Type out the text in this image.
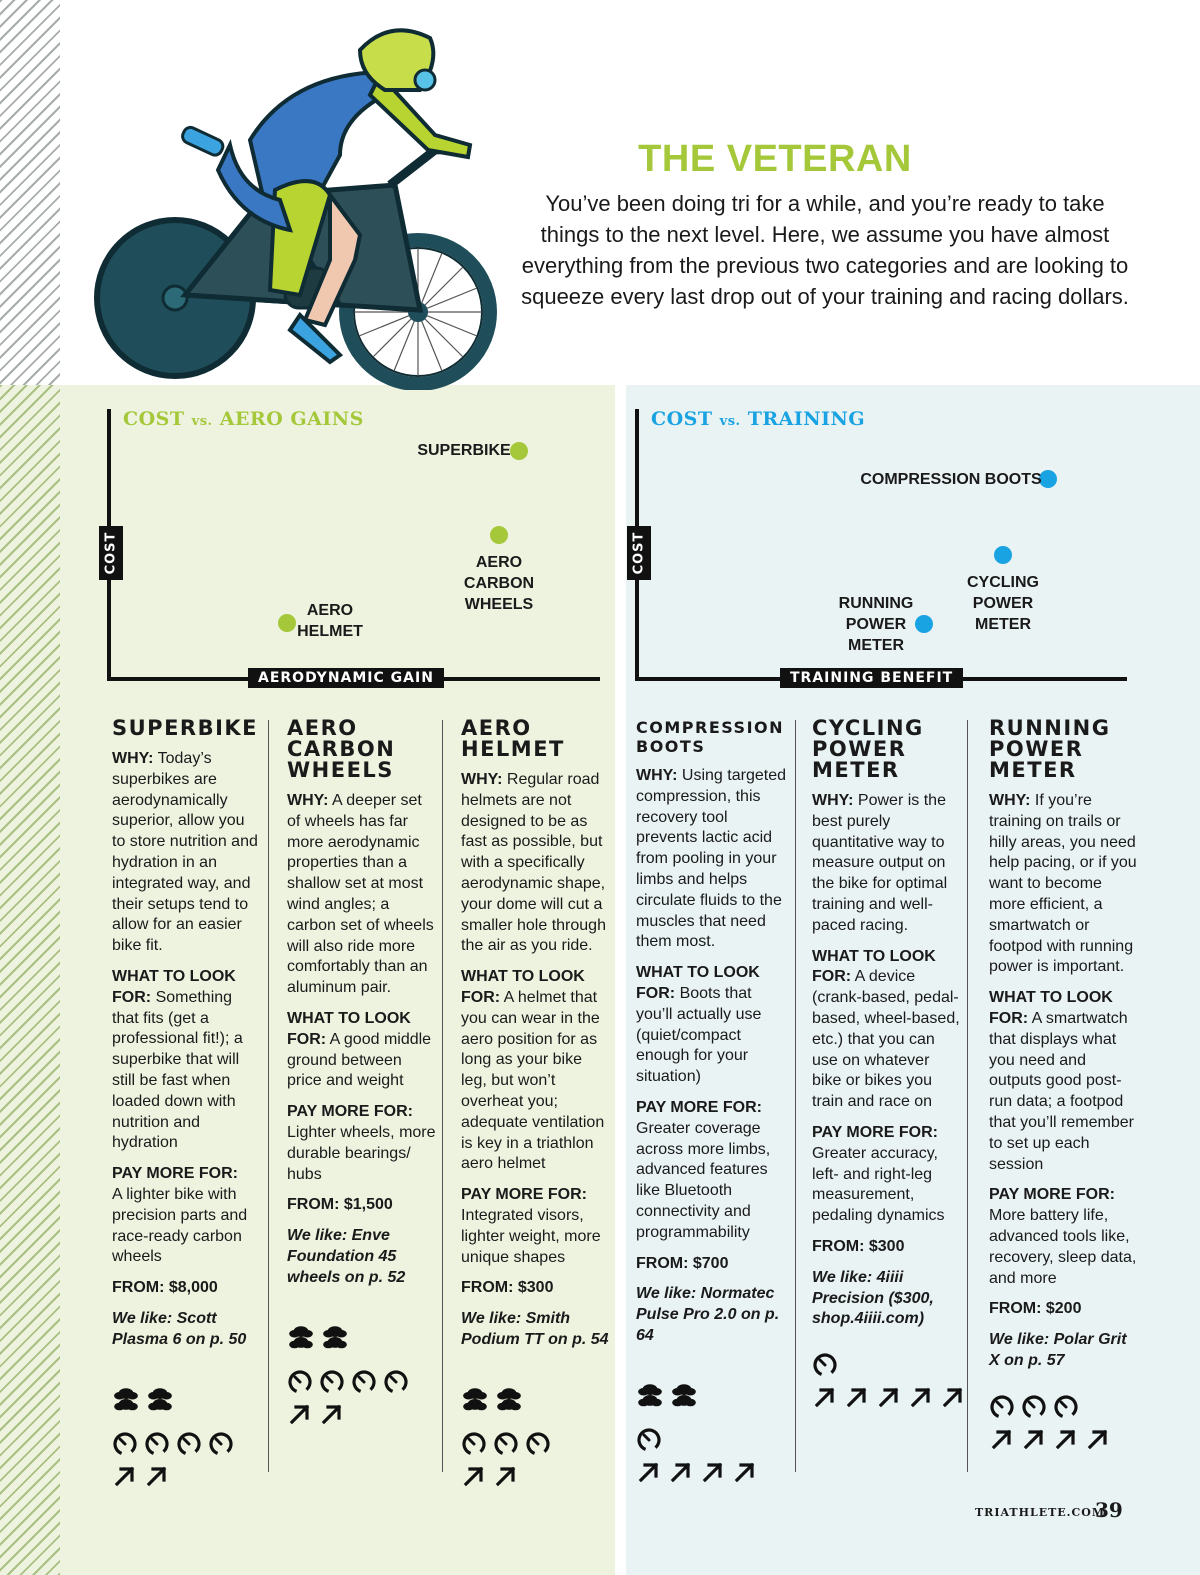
THE VETERAN
You’ve been doing tri for a while, and you’re ready to take things to the next level. Here, we assume you have almost everything from the previous two categories and are looking to squeeze every last drop out of your training and racing dollars.
COST vs. AERO GAINS
COST
AERODYNAMIC GAIN
SUPERBIKE
AERO
CARBON
WHEELS
AERO
HELMET
COST vs. TRAINING
COST
TRAINING BENEFIT
COMPRESSION BOOTS
CYCLING
POWER
METER
RUNNING
POWER
METER
SUPERBIKE

WHY: Today’s superbikes are aerodynamically superior, allow you to store nutrition and hydration in an integrated way, and their setups tend to allow for an easier bike fit.

WHAT TO LOOK FOR: Something that fits (get a professional fit!); a superbike that will still be fast when loaded down with nutrition and hydration

PAY MORE FOR:
A lighter bike with precision parts and race-ready carbon wheels

FROM: $8,000

We like: Scott Plasma 6 on p. 50

AERO
CARBON
WHEELS

WHY: A deeper set of wheels has far more aerodynamic properties than a shallow set at most wind angles; a carbon set of wheels will also ride more comfortably than an aluminum pair.

WHAT TO LOOK FOR: A good middle ground between price and weight

PAY MORE FOR:
Lighter wheels, more durable bearings/ hubs

FROM: $1,500

We like: Enve Foundation 45 wheels on p. 52

AERO
HELMET

WHY: Regular road helmets are not designed to be as fast as possible, but with a specifically aerodynamic shape, your dome will cut a smaller hole through the air as you ride.

WHAT TO LOOK FOR: A helmet that you can wear in the aero position for as long as your bike leg, but won’t overheat you; adequate ventilation is key in a triathlon aero helmet

PAY MORE FOR:
Integrated visors, lighter weight, more unique shapes

FROM: $300

We like: Smith Podium TT on p. 54

COMPRESSION
BOOTS

WHY: Using targeted compression, this recovery tool prevents lactic acid from pooling in your limbs and helps circulate fluids to the muscles that need them most.

WHAT TO LOOK FOR: Boots that you’ll actually use (quiet/compact enough for your situation)

PAY MORE FOR:
Greater coverage across more limbs, advanced features like Bluetooth connectivity and programmability

FROM: $700

We like: Normatec Pulse Pro 2.0 on p. 64

CYCLING
POWER
METER

WHY: Power is the best purely quantitative way to measure output on the bike for optimal training and well-paced racing.

WHAT TO LOOK FOR: A device (crank-based, pedal-based, wheel-based, etc.) that you can use on whatever bike or bikes you train and race on

PAY MORE FOR:
Greater accuracy, left- and right-leg measurement, pedaling dynamics

FROM: $300

We like: 4iiii Precision ($300, shop.4iiii.com)

RUNNING
POWER
METER

WHY: If you’re training on trails or hilly areas, you need help pacing, or if you want to become more efficient, a smartwatch or footpod with running power is important.

WHAT TO LOOK FOR: A smartwatch that displays what you need and outputs good post-run data; a footpod that you’ll remember to set up each session

PAY MORE FOR:
More battery life, advanced tools like, recovery, sleep data, and more

FROM: $200

We like: Polar Grit X on p. 57

TRIATHLETE.COM
39
